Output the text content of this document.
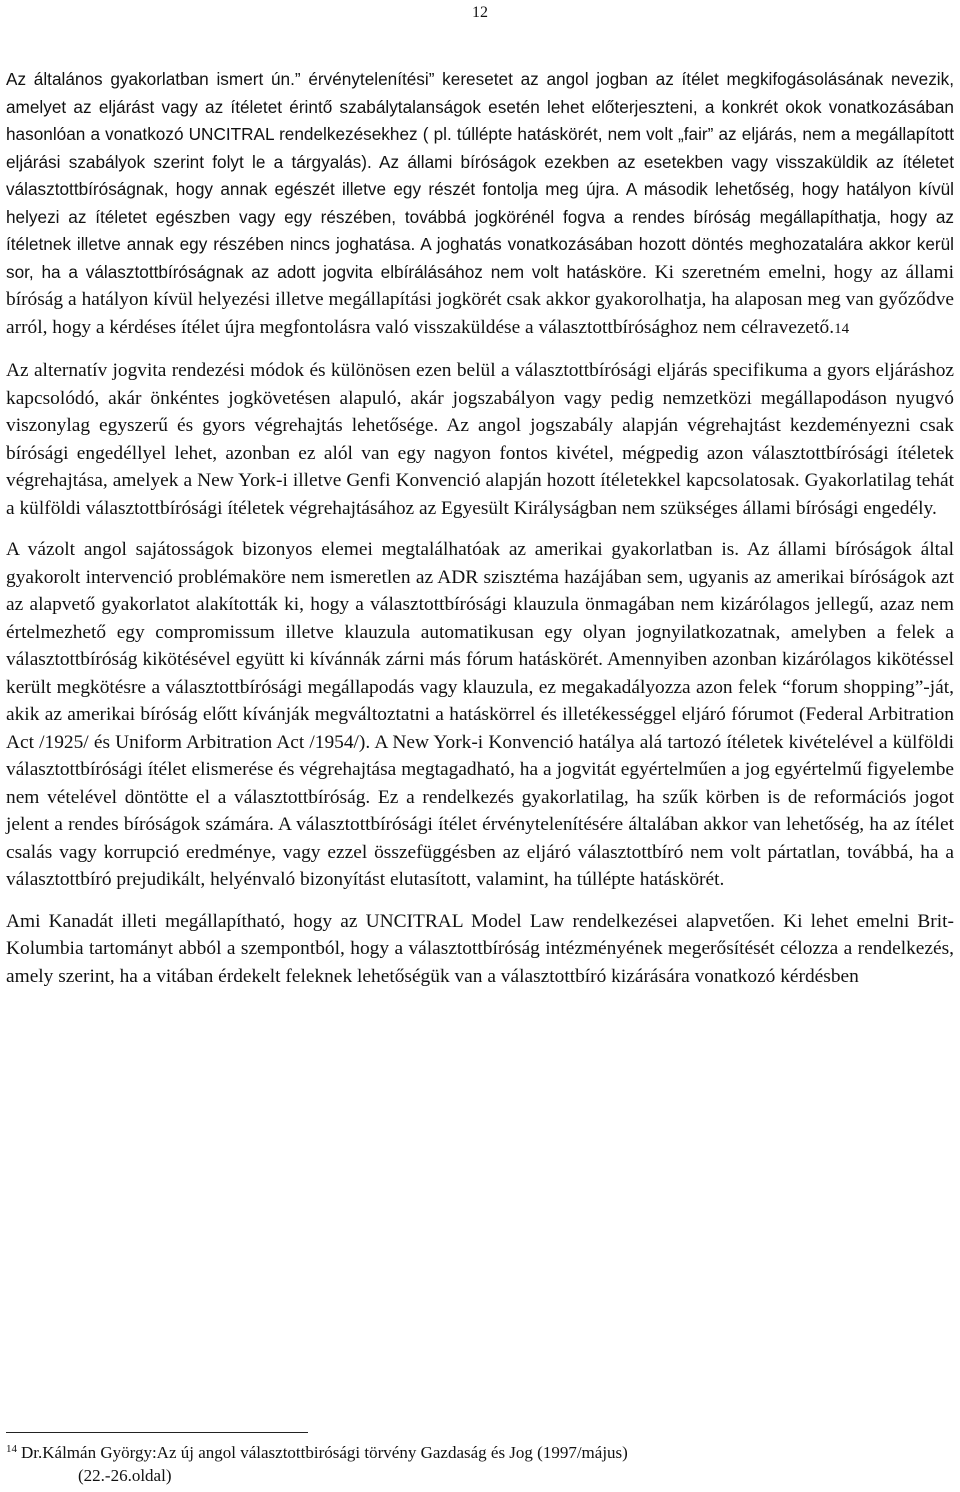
12

Az általános gyakorlatban ismert ún.” érvénytelenítési” keresetet az angol jogban az ítélet megkifogásolásának nevezik, amelyet az eljárást vagy az ítéletet érintő szabálytalanságok esetén lehet előterjeszteni, a konkrét okok vonatkozásában hasonlóan a vonatkozó UNCITRAL rendelkezésekhez ( pl. túllépte hatáskörét, nem volt „fair” az eljárás, nem a megállapított eljárási szabályok szerint folyt le a tárgyalás). Az állami bíróságok ezekben az esetekben vagy visszaküldik az ítéletet választottbíróságnak, hogy annak egészét illetve egy részét fontolja meg újra. A második lehetőség, hogy hatályon kívül helyezi az ítéletet egészben vagy egy részében, továbbá jogkörénél fogva a rendes bíróság megállapíthatja, hogy az ítéletnek illetve annak egy részében nincs joghatása. A joghatás vonatkozásában hozott döntés meghozatalára akkor kerül sor, ha a választottbíróságnak az adott jogvita elbírálásához nem volt hatásköre. Ki szeretném emelni, hogy az állami bíróság a hatályon kívül helyezési illetve megállapítási jogkörét csak akkor gyakorolhatja, ha alaposan meg van győződve arról, hogy a kérdéses ítélet újra megfontolásra való visszaküldése a választottbírósághoz nem célravezető.14

Az alternatív jogvita rendezési módok és különösen ezen belül a választottbírósági eljárás specifikuma a gyors eljáráshoz kapcsolódó, akár önkéntes jogkövetésen alapuló, akár jogszabályon vagy pedig nemzetközi megállapodáson nyugvó viszonylag egyszerű és gyors végrehajtás lehetősége. Az angol jogszabály alapján végrehajtást kezdeményezni csak bírósági engedéllyel lehet, azonban ez alól van egy nagyon fontos kivétel, mégpedig azon választottbírósági ítéletek végrehajtása, amelyek a New York-i illetve Genfi Konvenció alapján hozott ítéletekkel kapcsolatosak. Gyakorlatilag tehát a külföldi választottbírósági ítéletek végrehajtásához az Egyesült Királyságban nem szükséges állami bírósági engedély.

A vázolt angol sajátosságok bizonyos elemei megtalálhatóak az amerikai gyakorlatban is. Az állami bíróságok által gyakorolt intervenció problémaköre nem ismeretlen az ADR szisztéma hazájában sem, ugyanis az amerikai bíróságok azt az alapvető gyakorlatot alakították ki, hogy a választottbírósági klauzula önmagában nem kizárólagos jellegű, azaz nem értelmezhető egy compromissum illetve klauzula automatikusan egy olyan jognyilatkozatnak, amelyben a felek a választottbíróság kikötésével együtt ki kívánnák zárni más fórum hatáskörét. Amennyiben azonban kizárólagos kikötéssel került megkötésre a választottbírósági megállapodás vagy klauzula, ez megakadályozza azon felek “forum shopping”-ját, akik az amerikai bíróság előtt kívánják megváltoztatni a hatáskörrel és illetékességgel eljáró fórumot (Federal Arbitration Act /1925/ és Uniform Arbitration Act /1954/). A New York-i Konvenció hatálya alá tartozó ítéletek kivételével a külföldi választottbírósági ítélet elismerése és végrehajtása megtagadható, ha a jogvitát egyértelműen a jog egyértelmű figyelembe nem vételével döntötte el a választottbíróság. Ez a rendelkezés gyakorlatilag, ha szűk körben is de reformációs jogot jelent a rendes bíróságok számára. A választottbírósági ítélet érvénytelenítésére általában akkor van lehetőség, ha az ítélet csalás vagy korrupció eredménye, vagy ezzel összefüggésben az eljáró választottbíró nem volt pártatlan, továbbá, ha a választottbíró prejudikált, helyénvaló bizonyítást elutasított, valamint, ha túllépte hatáskörét.

Ami Kanadát illeti megállapítható, hogy az UNCITRAL Model Law rendelkezései alapvetően. Ki lehet emelni Brit-Kolumbia tartományt abból a szempontból, hogy a választottbíróság intézményének megerősítését célozza a rendelkezés, amely szerint, ha a vitában érdekelt feleknek lehetőségük van a választottbíró kizárására vonatkozó kérdésben

$^{14}$ Dr.Kálmán György:Az új angol választottbirósági törvény Gazdaság és Jog (1997/május)
(22.-26.oldal)
